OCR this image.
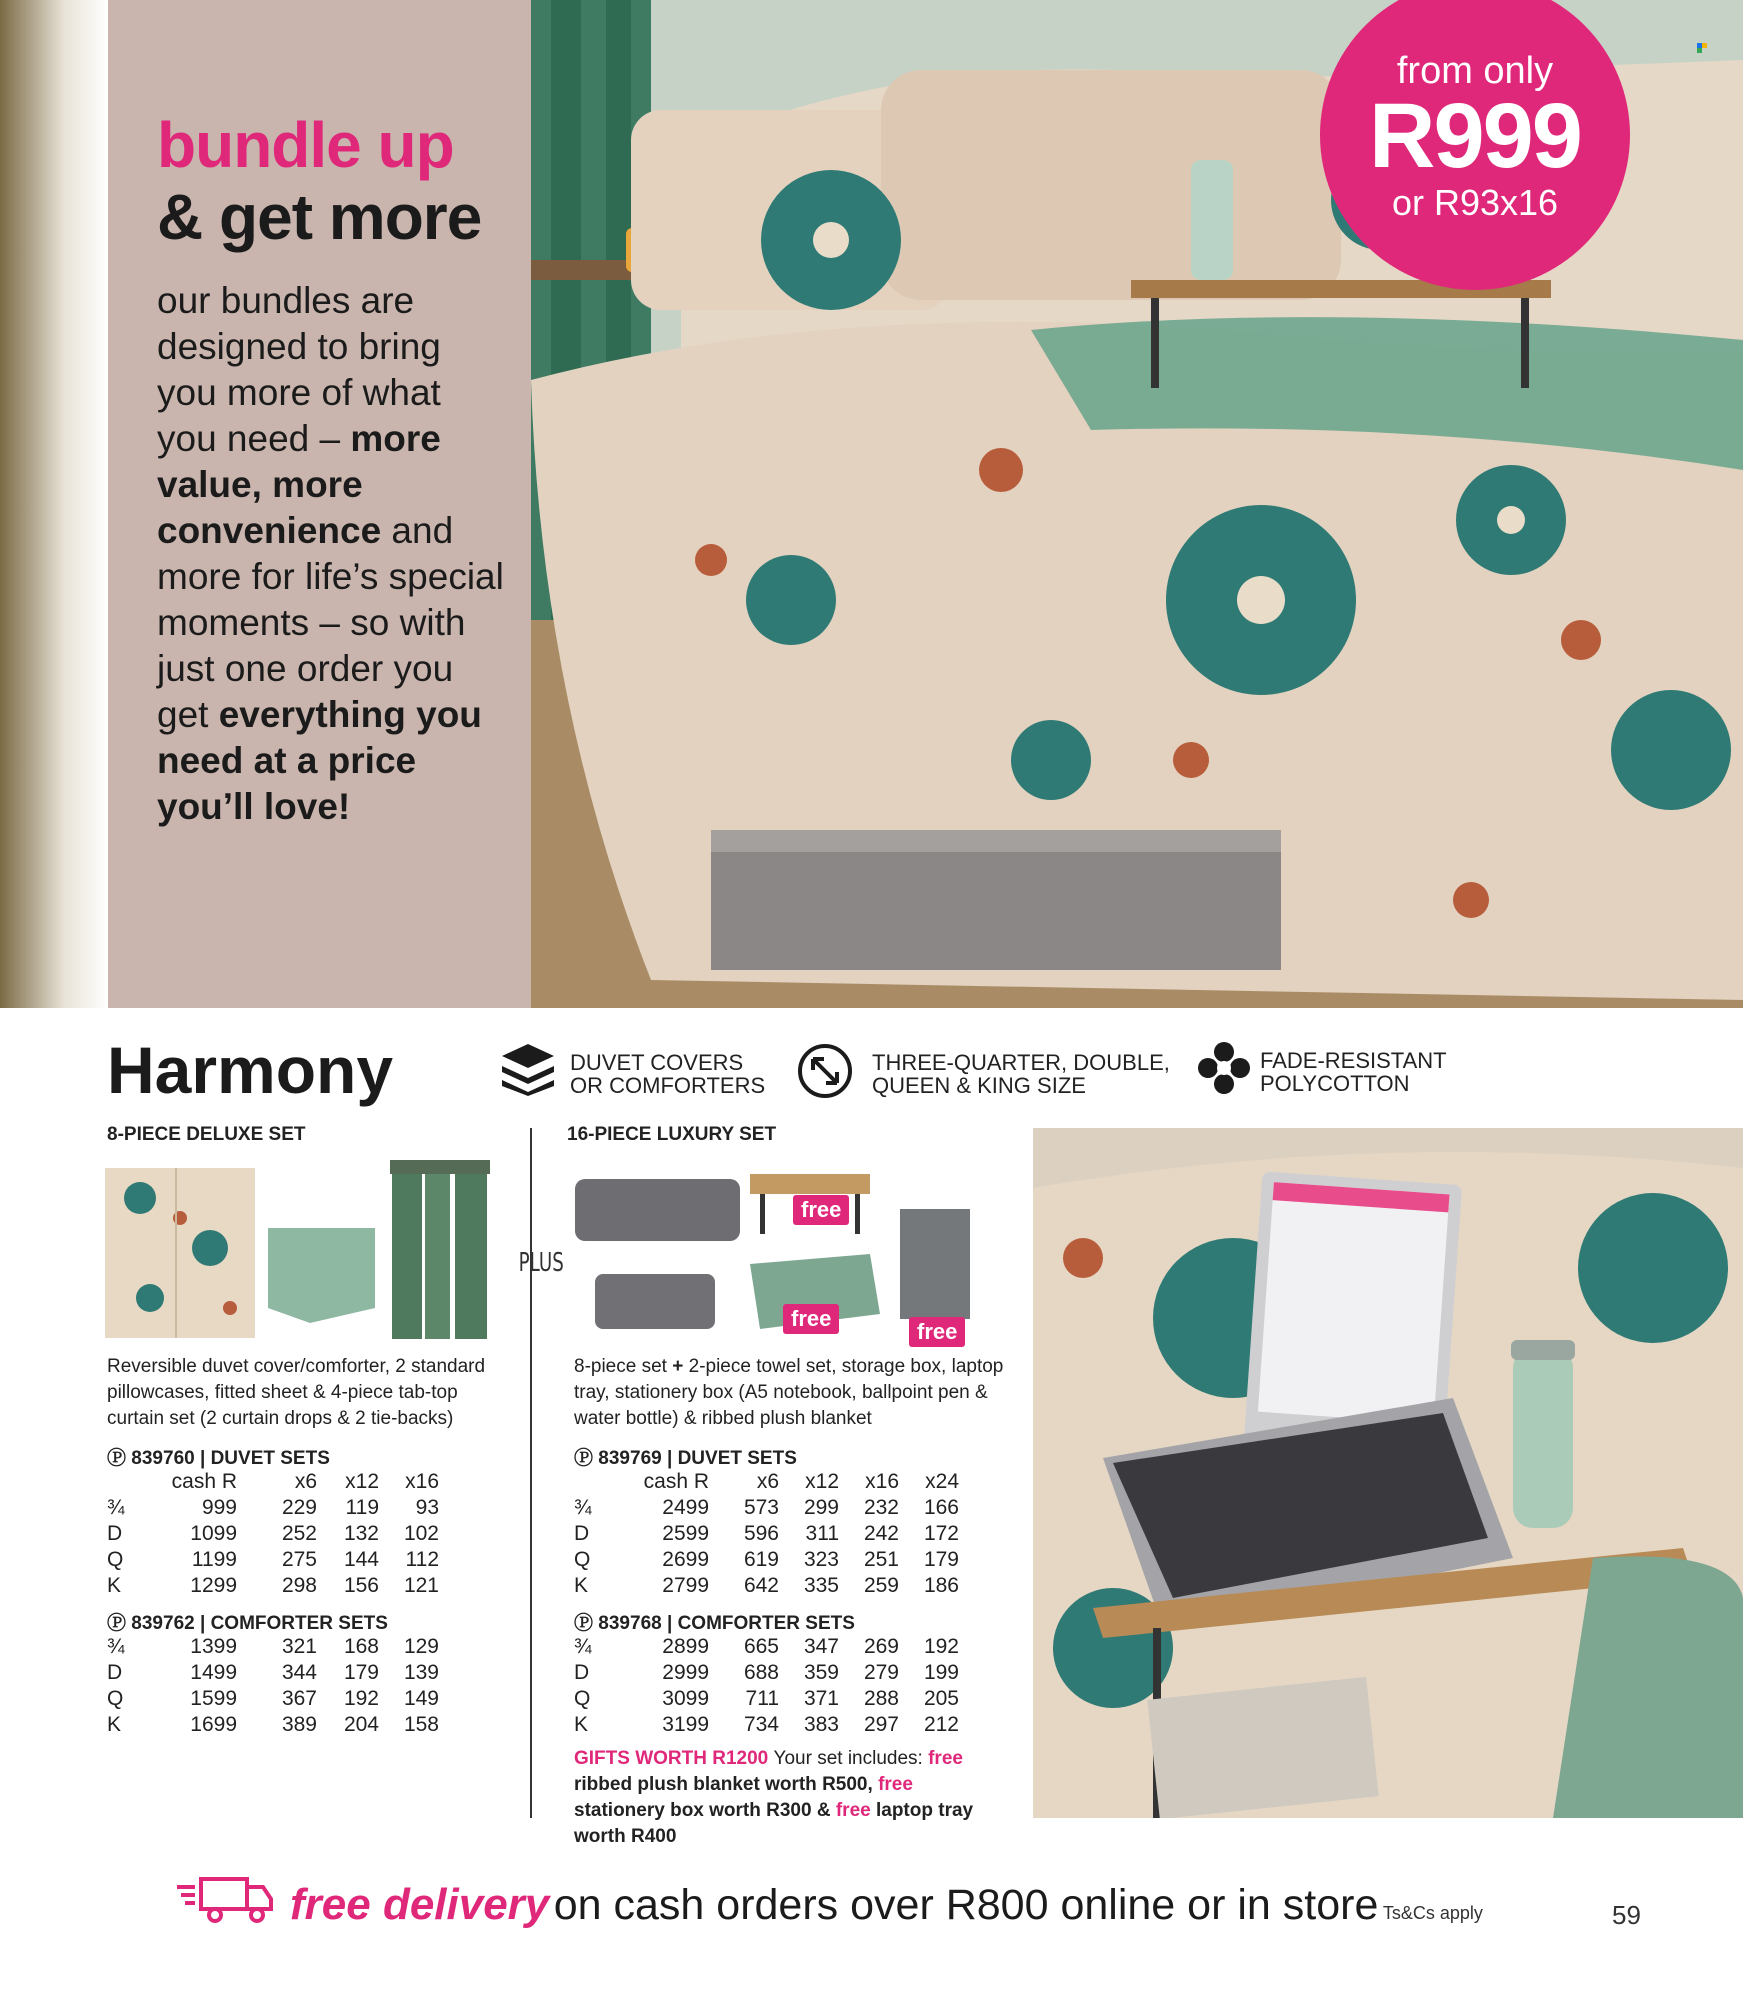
bundle up
& get more
our bundles are designed to bring you more of what you need – more value, more convenience and more for life’s special moments – so with just one order you get everything you need at a price you’ll love!
from only
R999
or R93x16
Harmony	DUVET COVERS
OR COMFORTERS
THREE-QUARTER, DOUBLE,
QUEEN & KING SIZE
FADE-RESISTANT
POLYCOTTON
8-PIECE DELUXE SET
Reversible duvet cover/comforter, 2 standard pillowcases, fitted sheet & 4-piece tab-top curtain set (2 curtain drops & 2 tie-backs)
Ⓟ 839760 | DUVET SETS
	cash R	x6	x12	x16
¾	999	229	119	93
D	1099	252	132	102
Q	1199	275	144	112
K	1299	298	156	121
Ⓟ 839762 | COMFORTER SETS
¾	1399	321	168	129
D	1499	344	179	139
Q	1599	367	192	149
K	1699	389	204	158
PLUS
16-PIECE LUXURY SET
free
free
free
8-piece set + 2-piece towel set, storage box, laptop tray, stationery box (A5 notebook, ballpoint pen & water bottle) & ribbed plush blanket
Ⓟ 839769 | DUVET SETS
	cash R	x6	x12	x16	x24
¾	2499	573	299	232	166
D	2599	596	311	242	172
Q	2699	619	323	251	179
K	2799	642	335	259	186
Ⓟ 839768 | COMFORTER SETS
¾	2899	665	347	269	192
D	2999	688	359	279	199
Q	3099	711	371	288	205
K	3199	734	383	297	212
GIFTS WORTH R1200 Your set includes: free ribbed plush blanket worth R500, free stationery box worth R300 & free laptop tray worth R400
free delivery on cash orders over R800 online or in store Ts&Cs apply	59
